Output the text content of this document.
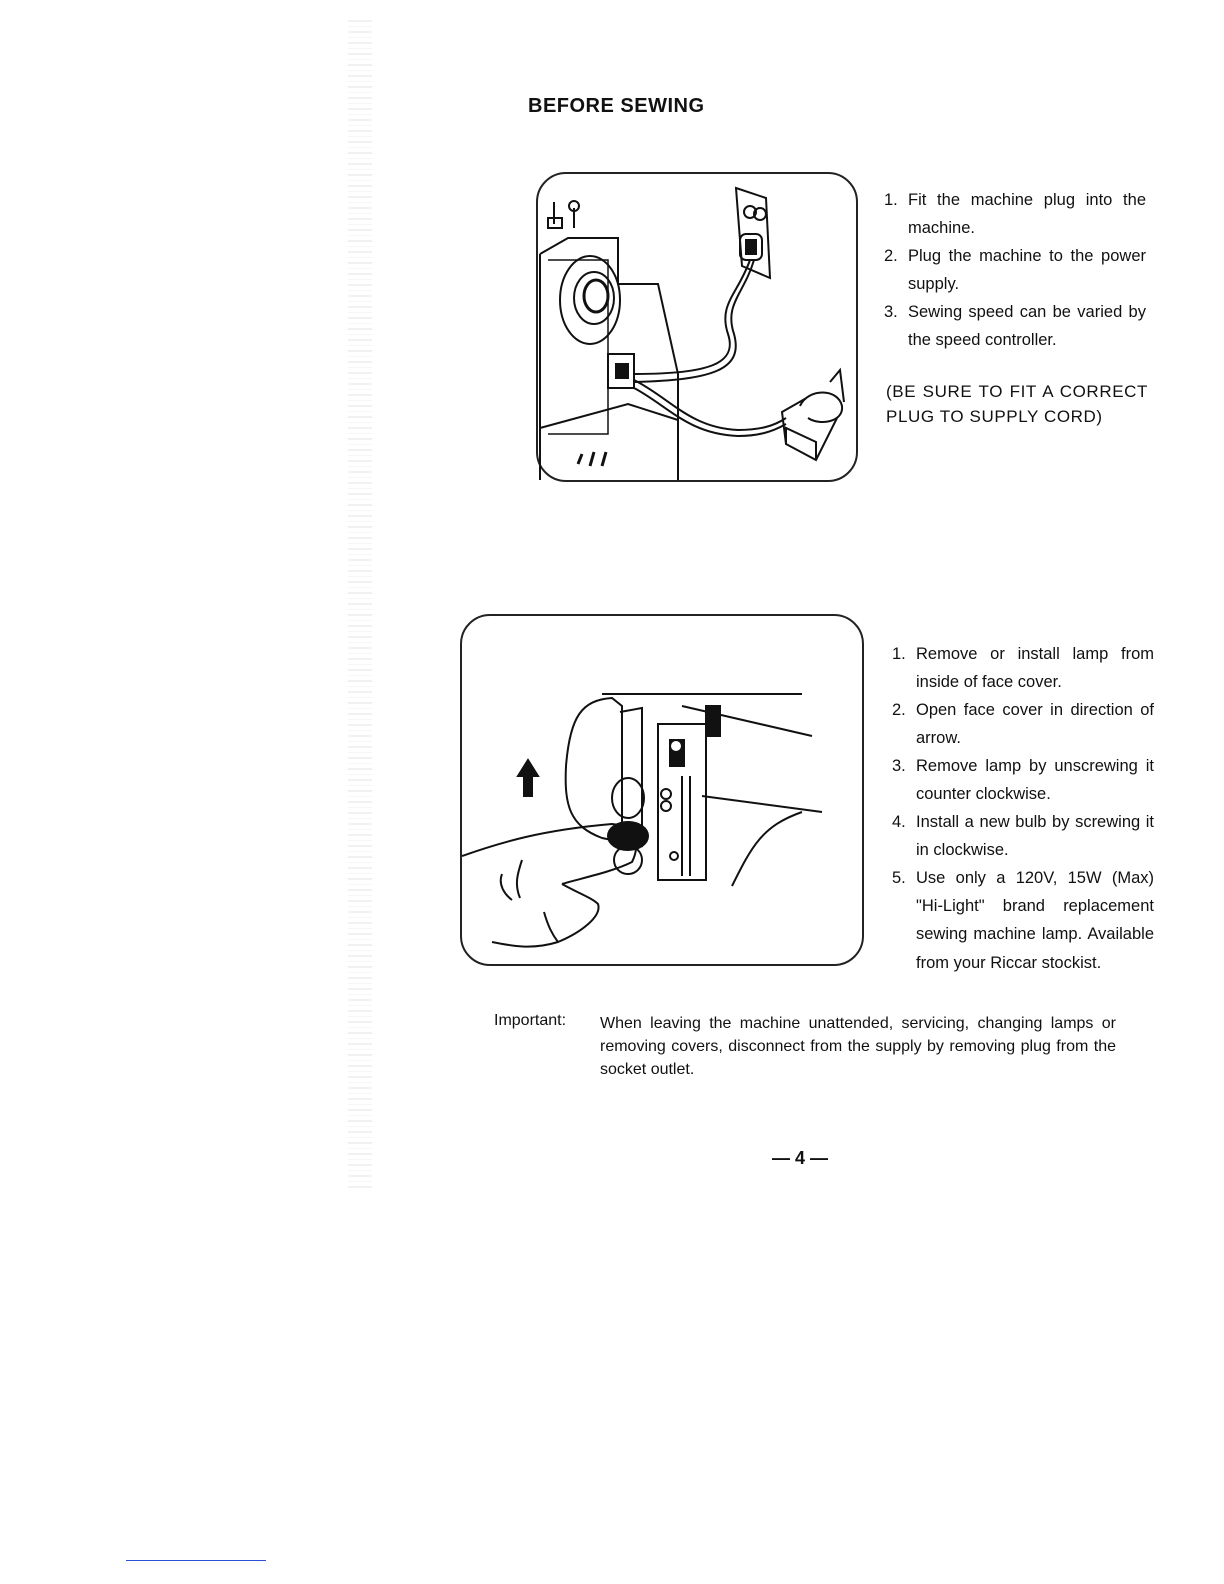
BEFORE SEWING
1. Fit the machine plug into the machine.
2. Plug the machine to the power supply.
3. Sewing speed can be varied by the speed controller.
(BE SURE TO FIT A CORRECT PLUG TO SUPPLY CORD)
1. Remove or install lamp from inside of face cover.
2. Open face cover in direction of arrow.
3. Remove lamp by unscrewing it counter clockwise.
4. Install a new bulb by screwing it in clockwise.
5. Use only a 120V, 15W (Max) "Hi-Light" brand replacement sewing machine lamp. Available from your Riccar stockist.
Important: When leaving the machine unattended, servicing, changing lamps or removing covers, disconnect from the supply by removing plug from the socket outlet.
— 4 —
